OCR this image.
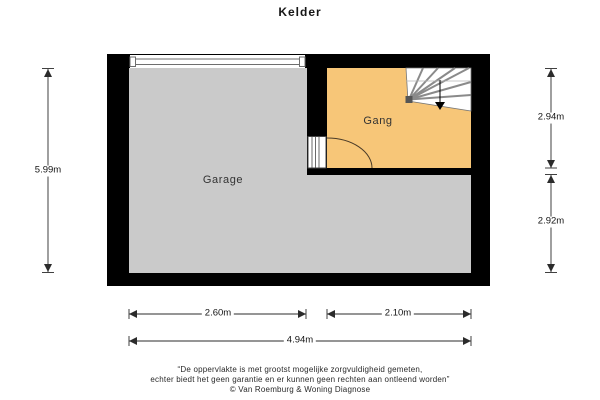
Kelder
Garage
Gang
5.99m
2.94m
2.92m
2.60m	2.10m
4.94m
“De oppervlakte is met grootst mogelijke zorgvuldigheid gemeten,
echter biedt het geen garantie en er kunnen geen rechten aan ontleend worden”
© Van Roemburg & Woning Diagnose
